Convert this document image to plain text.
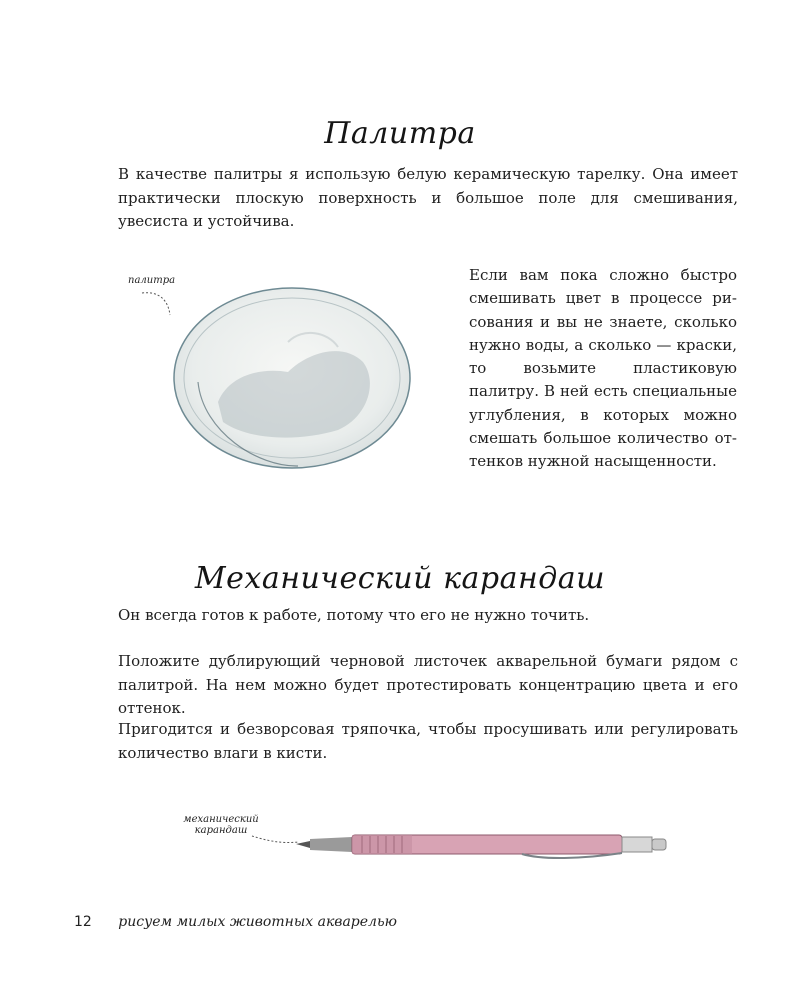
Палитра

В качестве палитры я использую белую керамическую тарелку. Она имеет практически плоскую поверхность и большое поле для смешивания, увесиста и устойчива.

палитра	Если вам пока сложно быстро смешивать цвет в процессе рисования и вы не знаете, сколько нужно воды, а сколько — краски, то возьмите пластиковую палитру. В ней есть специальные углубления, в которых можно смешать большое количество оттенков нужной насыщенности.

Механический карандаш

Он всегда готов к работе, потому что его не нужно точить.

Положите дублирующий черновой листочек акварельной бумаги рядом с палитрой. На нем можно будет протестировать концентрацию цвета и его оттенок.

Пригодится и безворсовая тряпочка, чтобы просушивать или регулировать количество влаги в кисти.

механический карандаш
12 рисуем милых животных акварелью
